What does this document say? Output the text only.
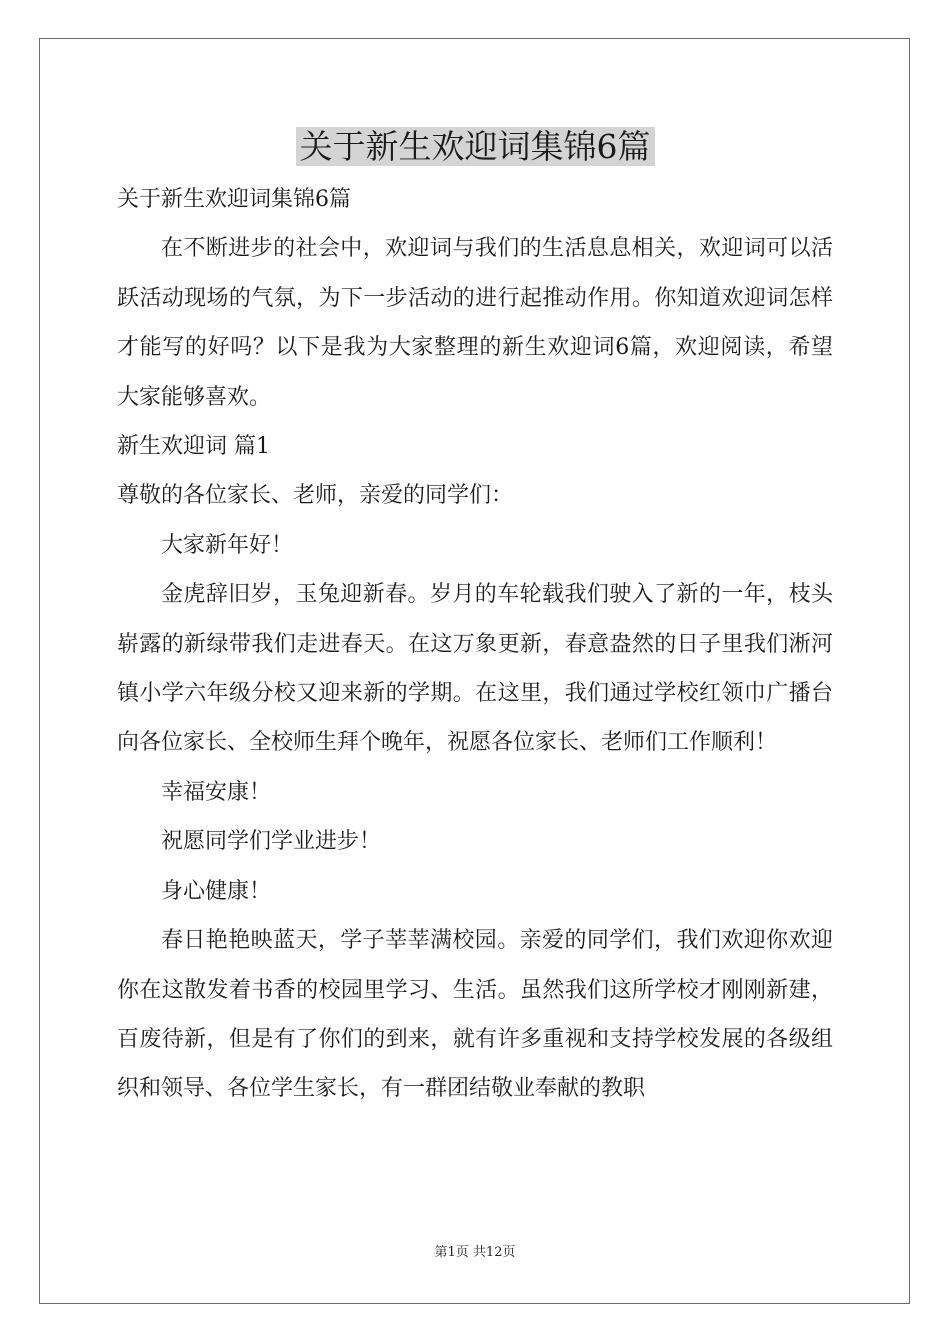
关于新生欢迎词集锦6篇

关于新生欢迎词集锦6篇

在不断进步的社会中，欢迎词与我们的生活息息相关，欢迎词可以活跃活动现场的气氛，为下一步活动的进行起推动作用。你知道欢迎词怎样才能写的好吗？以下是我为大家整理的新生欢迎词6篇，欢迎阅读，希望大家能够喜欢。

新生欢迎词 篇1

尊敬的各位家长、老师，亲爱的同学们：

大家新年好！

金虎辞旧岁，玉兔迎新春。岁月的车轮载我们驶入了新的一年，枝头崭露的新绿带我们走进春天。在这万象更新，春意盎然的日子里我们淅河镇小学六年级分校又迎来新的学期。在这里，我们通过学校红领巾广播台向各位家长、全校师生拜个晚年，祝愿各位家长、老师们工作顺利！

幸福安康！

祝愿同学们学业进步！

身心健康！

春日艳艳映蓝天，学子莘莘满校园。亲爱的同学们，我们欢迎你欢迎你在这散发着书香的校园里学习、生活。虽然我们这所学校才刚刚新建，百废待新，但是有了你们的到来，就有许多重视和支持学校发展的各级组织和领导、各位学生家长，有一群团结敬业奉献的教职

第1页 共12页
